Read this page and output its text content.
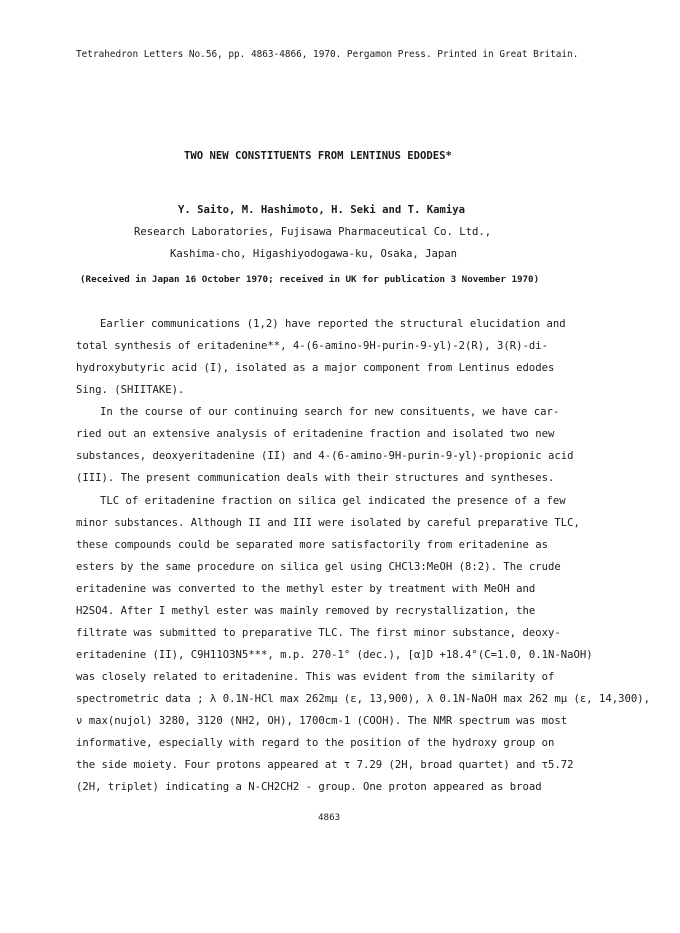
Tetrahedron Letters No.56, pp. 4863-4866, 1970. Pergamon Press. Printed in Great Britain.
TWO NEW CONSTITUENTS FROM LENTINUS EDODES*
Y. Saito, M. Hashimoto, H. Seki and T. Kamiya
Research Laboratories, Fujisawa Pharmaceutical Co. Ltd.,
Kashima-cho, Higashiyodogawa-ku, Osaka, Japan
(Received in Japan 16 October 1970; received in UK for publication 3 November 1970)
Earlier communications (1,2) have reported the structural elucidation and
total synthesis of eritadenine**, 4-(6-amino-9H-purin-9-yl)-2(R), 3(R)-di-
hydroxybutyric acid (I), isolated as a major component from Lentinus edodes
Sing. (SHIITAKE).
In the course of our continuing search for new consituents, we have car-
ried out an extensive analysis of eritadenine fraction and isolated two new
substances, deoxyeritadenine (II) and 4-(6-amino-9H-purin-9-yl)-propionic acid
(III). The present communication deals with their structures and syntheses.
TLC of eritadenine fraction on silica gel indicated the presence of a few
minor substances. Although II and III were isolated by careful preparative TLC,
these compounds could be separated more satisfactorily from eritadenine as
esters by the same procedure on silica gel using CHCl3:MeOH (8:2). The crude
eritadenine was converted to the methyl ester by treatment with MeOH and
H2SO4. After I methyl ester was mainly removed by recrystallization, the
filtrate was submitted to preparative TLC. The first minor substance, deoxy-
eritadenine (II), C9H11O3N5***, m.p. 270-1° (dec.), [α]D +18.4°(C=1.0, 0.1N-NaOH)
was closely related to eritadenine. This was evident from the similarity of
spectrometric data ; λ 0.1N-HCl max 262mμ (ε, 13,900), λ 0.1N-NaOH max 262 mμ (ε, 14,300),
ν max(nujol) 3280, 3120 (NH2, OH), 1700cm-1 (COOH). The NMR spectrum was most
informative, especially with regard to the position of the hydroxy group on
the side moiety. Four protons appeared at τ 7.29 (2H, broad quartet) and τ5.72
(2H, triplet) indicating a N-CH2CH2 - group. One proton appeared as broad
4863
